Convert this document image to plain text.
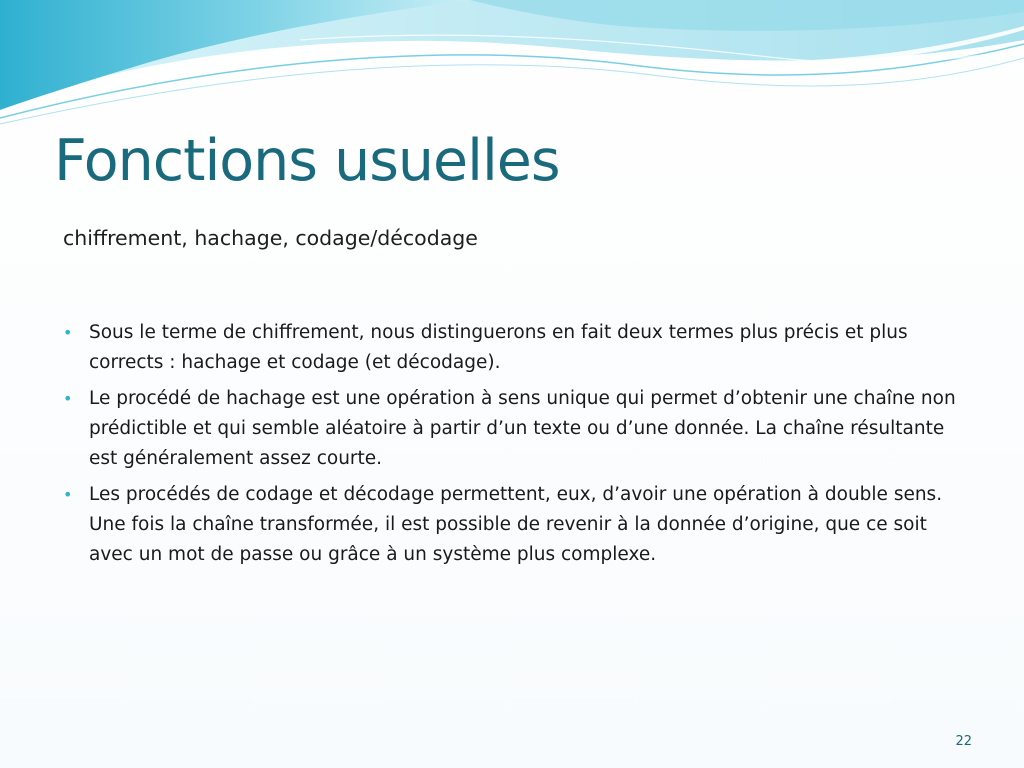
Fonctions usuelles
chiffrement, hachage, codage/décodage
• Sous le terme de chiffrement, nous distinguerons en fait deux termes plus précis et plus corrects : hachage et codage (et décodage).
• Le procédé de hachage est une opération à sens unique qui permet d’obtenir une chaîne non prédictible et qui semble aléatoire à partir d’un texte ou d’une donnée. La chaîne résultante est généralement assez courte.
• Les procédés de codage et décodage permettent, eux, d’avoir une opération à double sens. Une fois la chaîne transformée, il est possible de revenir à la donnée d’origine, que ce soit avec un mot de passe ou grâce à un système plus complexe.
22
